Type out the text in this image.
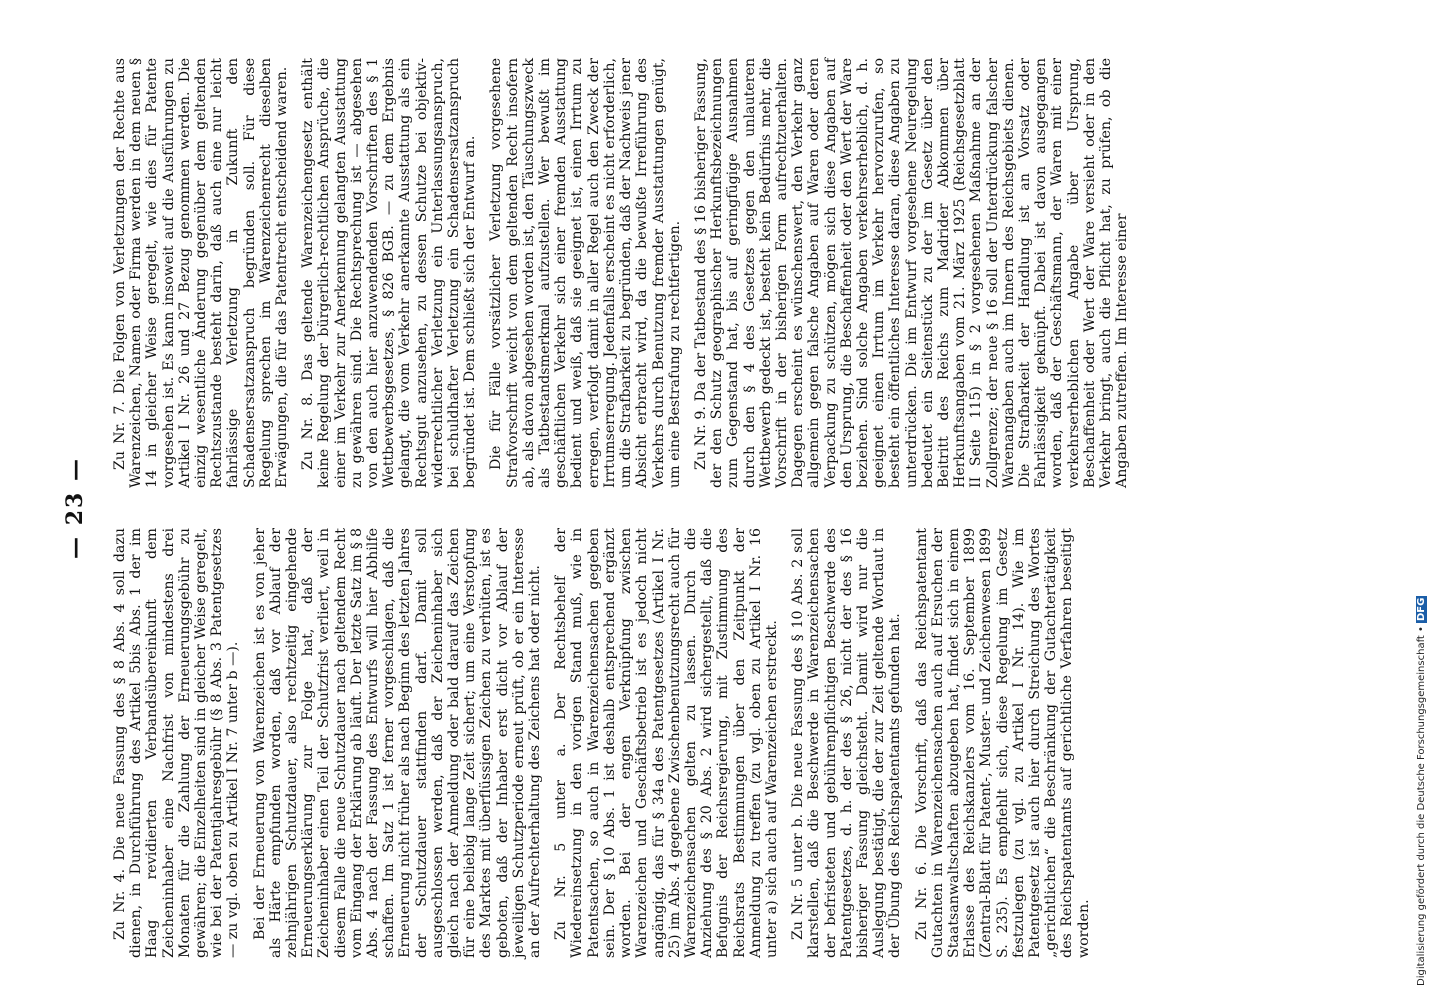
— 23 —

Zu Nr. 4. Die neue Fassung des § 8 Abs. 4 soll dazu dienen, in Durchführung des Artikel 5bis Abs. 1 der im Haag revidierten Verbandsübereinkunft dem Zeicheninhaber eine Nachfrist von mindestens drei Monaten für die Zahlung der Erneuerungsgebühr zu gewähren; die Einzelheiten sind in gleicher Weise geregelt, wie bei der Patentjahresgebühr (§ 8 Abs. 3 Patentgesetzes — zu vgl. oben zu Artikel I Nr. 7 unter b —). Bei der Erneuerung von Warenzeichen ist es von jeher als Härte empfunden worden, daß vor Ablauf der zehnjährigen Schutzdauer, also rechtzeitig eingehende Erneuerungserklärung zur Folge hat, daß der Zeicheninhaber einen Teil der Schutzfrist verliert, weil in diesem Falle die neue Schutzdauer nach geltendem Recht vom Eingang der Erklärung ab läuft. Der letzte Satz im § 8 Abs. 4 nach der Fassung des Entwurfs will hier Abhilfe schaffen. Im Satz 1 ist ferner vorgeschlagen, daß die Erneuerung nicht früher als nach Beginn des letzten Jahres der Schutzdauer stattfinden darf. Damit soll ausgeschlossen werden, daß der Zeicheninhaber sich gleich nach der Anmeldung oder bald darauf das Zeichen für eine beliebig lange Zeit sichert; um eine Verstopfung des Marktes mit überflüssigen Zeichen zu verhüten, ist es geboten, daß der Inhaber erst dicht vor Ablauf der jeweiligen Schutzperiode erneut prüft, ob er ein Interesse an der Aufrechterhaltung des Zeichens hat oder nicht. Zu Nr. 5 unter a. Der Rechtsbehelf der Wiedereinsetzung in den vorigen Stand muß, wie in Patentsachen, so auch in Warenzeichensachen gegeben sein. Der § 10 Abs. 1 ist deshalb entsprechend ergänzt worden. Bei der engen Verknüpfung zwischen Warenzeichen und Geschäftsbetrieb ist es jedoch nicht angängig, das für § 34a des Patentgesetzes (Artikel I Nr. 25) im Abs. 4 gegebene Zwischenbenutzungsrecht auch für Warenzeichensachen gelten zu lassen. Durch die Anziehung des § 20 Abs. 2 wird sichergestellt, daß die Befugnis der Reichsregierung, mit Zustimmung des Reichsrats Bestimmungen über den Zeitpunkt der Anmeldung zu treffen (zu vgl. oben zu Artikel I Nr. 16 unter a) sich auch auf Warenzeichen erstreckt. Zu Nr. 5 unter b. Die neue Fassung des § 10 Abs. 2 soll klarstellen, daß die Beschwerde in Warenzeichensachen der befristeten und gebührenpflichtigen Beschwerde des Patentgesetzes, d. h. der des § 26, nicht der des § 16 bisheriger Fassung gleichsteht. Damit wird nur die Auslegung bestätigt, die der zur Zeit geltende Wortlaut in der Übung des Reichspatentamts gefunden hat. Zu Nr. 6. Die Vorschrift, daß das Reichspatentamt Gutachten in Warenzeichensachen auch auf Ersuchen der Staatsanwaltschaften abzugeben hat, findet sich in einem Erlasse des Reichskanzlers vom 16. September 1899 (Zentral-Blatt für Patent-, Muster- und Zeichenwesen 1899 S. 235). Es empfiehlt sich, diese Regelung im Gesetz festzulegen (zu vgl. zu Artikel I Nr. 14). Wie im Patentgesetz ist auch hier durch Streichung des Wortes „gerichtlichen“ die Beschränkung der Gutachtertätigkeit des Reichspatentamts auf gerichtliche Verfahren beseitigt worden.

Zu Nr. 7. Die Folgen von Verletzungen der Rechte aus Warenzeichen, Namen oder Firma werden in dem neuen § 14 in gleicher Weise geregelt, wie dies für Patente vorgesehen ist. Es kann insoweit auf die Ausführungen zu Artikel I Nr. 26 und 27 Bezug genommen werden. Die einzig wesentliche Änderung gegenüber dem geltenden Rechtszustande besteht darin, daß auch eine nur leicht fahrlässige Verletzung in Zukunft den Schadensersatzanspruch begründen soll. Für diese Regelung sprechen im Warenzeichenrecht dieselben Erwägungen, die für das Patentrecht entscheidend waren. Zu Nr. 8. Das geltende Warenzeichengesetz enthält keine Regelung der bürgerlich-rechtlichen Ansprüche, die einer im Verkehr zur Anerkennung gelangten Ausstattung zu gewähren sind. Die Rechtsprechung ist — abgesehen von den auch hier anzuwendenden Vorschriften des § 1 Wettbewerbsgesetzes, § 826 BGB. — zu dem Ergebnis gelangt, die vom Verkehr anerkannte Ausstattung als ein Rechtsgut anzusehen, zu dessen Schutze bei objektiv-widerrechtlicher Verletzung ein Unterlassungsanspruch, bei schuldhafter Verletzung ein Schadensersatzanspruch begründet ist. Dem schließt sich der Entwurf an. Die für Fälle vorsätzlicher Verletzung vorgesehene Strafvorschrift weicht von dem geltenden Recht insofern ab, als davon abgesehen worden ist, den Täuschungszweck als Tatbestandsmerkmal aufzustellen. Wer bewußt im geschäftlichen Verkehr sich einer fremden Ausstattung bedient und weiß, daß sie geeignet ist, einen Irrtum zu erregen, verfolgt damit in aller Regel auch den Zweck der Irrtumserregung. Jedenfalls erscheint es nicht erforderlich, um die Strafbarkeit zu begründen, daß der Nachweis jener Absicht erbracht wird, da die bewußte Irreführung des Verkehrs durch Benutzung fremder Ausstattungen genügt, um eine Bestrafung zu rechtfertigen. Zu Nr. 9. Da der Tatbestand des § 16 bisheriger Fassung, der den Schutz geographischer Herkunftsbezeichnungen zum Gegenstand hat, bis auf geringfügige Ausnahmen durch den § 4 des Gesetzes gegen den unlauteren Wettbewerb gedeckt ist, besteht kein Bedürfnis mehr, die Vorschrift in der bisherigen Form aufrechtzuerhalten. Dagegen erscheint es wünschenswert, den Verkehr ganz allgemein gegen falsche Angaben auf Waren oder deren Verpackung zu schützen, mögen sich diese Angaben auf den Ursprung, die Beschaffenheit oder den Wert der Ware beziehen. Sind solche Angaben verkehrserheblich, d. h. geeignet einen Irrtum im Verkehr hervorzurufen, so besteht ein öffentliches Interesse daran, diese Angaben zu unterdrücken. Die im Entwurf vorgesehene Neuregelung bedeutet ein Seitenstück zu der im Gesetz über den Beitritt des Reichs zum Madrider Abkommen über Herkunftsangaben vom 21. März 1925 (Reichsgesetzblatt II Seite 115) in § 2 vorgesehenen Maßnahme an der Zollgrenze; der neue § 16 soll der Unterdrückung falscher Warenangaben auch im Innern des Reichsgebiets dienen. Die Strafbarkeit der Handlung ist an Vorsatz oder Fahrlässigkeit geknüpft. Dabei ist davon ausgegangen worden, daß der Geschäftsmann, der Waren mit einer verkehrserheblichen Angabe über Ursprung, Beschaffenheit oder Wert der Ware versieht oder in den Verkehr bringt, auch die Pflicht hat, zu prüfen, ob die Angaben zutreffen. Im Interesse einer

Digitalisierung gefördert durch die Deutsche Forschungsgemeinschaft • DFG
